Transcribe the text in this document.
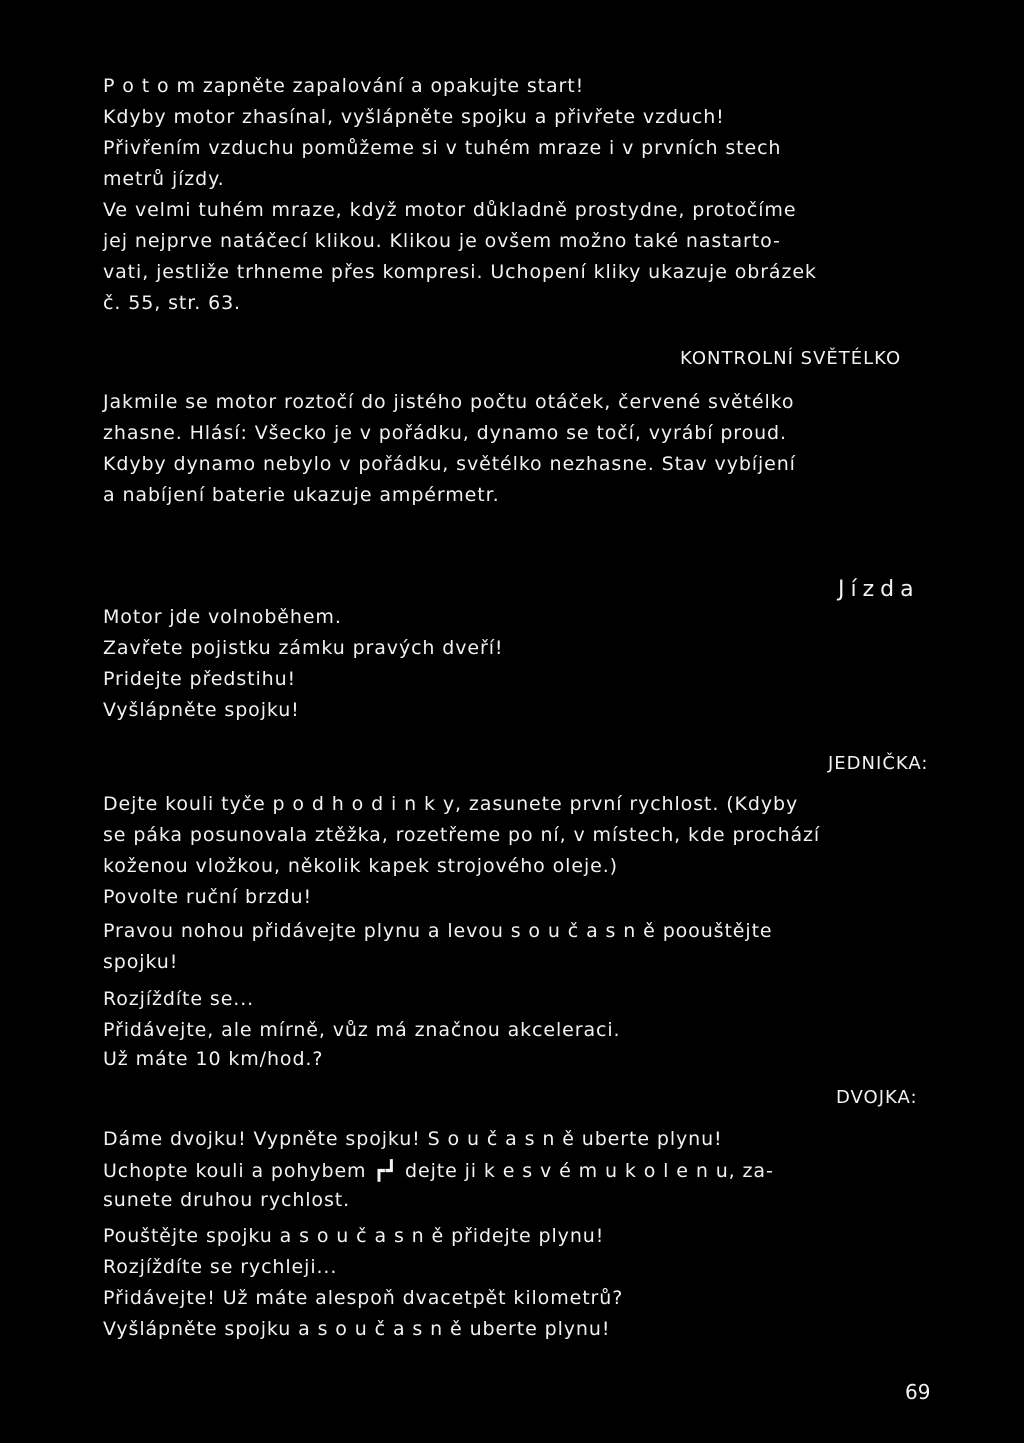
P o t o m zapněte zapalování a opakujte start!
Kdyby motor zhasínal, vyšlápněte spojku a přivřete vzduch!
Přivřením vzduchu pomůžeme si v tuhém mraze i v prvních stech
metrů jízdy.
Ve velmi tuhém mraze, když motor důkladně prostydne, protočíme
jej nejprve natáčecí klikou. Klikou je ovšem možno také nastarto-
vati, jestliže trhneme přes kompresi. Uchopení kliky ukazuje obrázek
č. 55, str. 63.
KONTROLNÍ SVĚTÉLKO
Jakmile se motor roztočí do jistého počtu otáček, červené světélko
zhasne. Hlásí: Všecko je v pořádku, dynamo se točí, vyrábí proud.
Kdyby dynamo nebylo v pořádku, světélko nezhasne. Stav vybíjení
a nabíjení baterie ukazuje ampérmetr.
Jízda
Motor jde volnoběhem.
Zavřete pojistku zámku pravých dveří!
Pridejte předstihu!
Vyšlápněte spojku!
JEDNIČKA:
Dejte kouli tyče p o d h o d i n k y, zasunete první rychlost. (Kdyby
se páka posunovala ztěžka, rozetřeme po ní, v místech, kde prochází
koženou vložkou, několik kapek strojového oleje.)
Povolte ruční brzdu!
Pravou nohou přidávejte plynu a levou s o u č a s n ě poouštějte
spojku!
Rozjíždíte se...
Přidávejte, ale mírně, vůz má značnou akceleraci.
Už máte 10 km/hod.?
DVOJKA:
Dáme dvojku! Vypněte spojku! S o u č a s n ě uberte plynu!
Uchopte kouli a pohybem ┏┛ dejte ji k e s v é m u k o l e n u, za-
sunete druhou rychlost.
Pouštějte spojku a s o u č a s n ě přidejte plynu!
Rozjíždíte se rychleji...
Přidávejte! Už máte alespoň dvacetpět kilometrů?
Vyšlápněte spojku a s o u č a s n ě uberte plynu!
69
